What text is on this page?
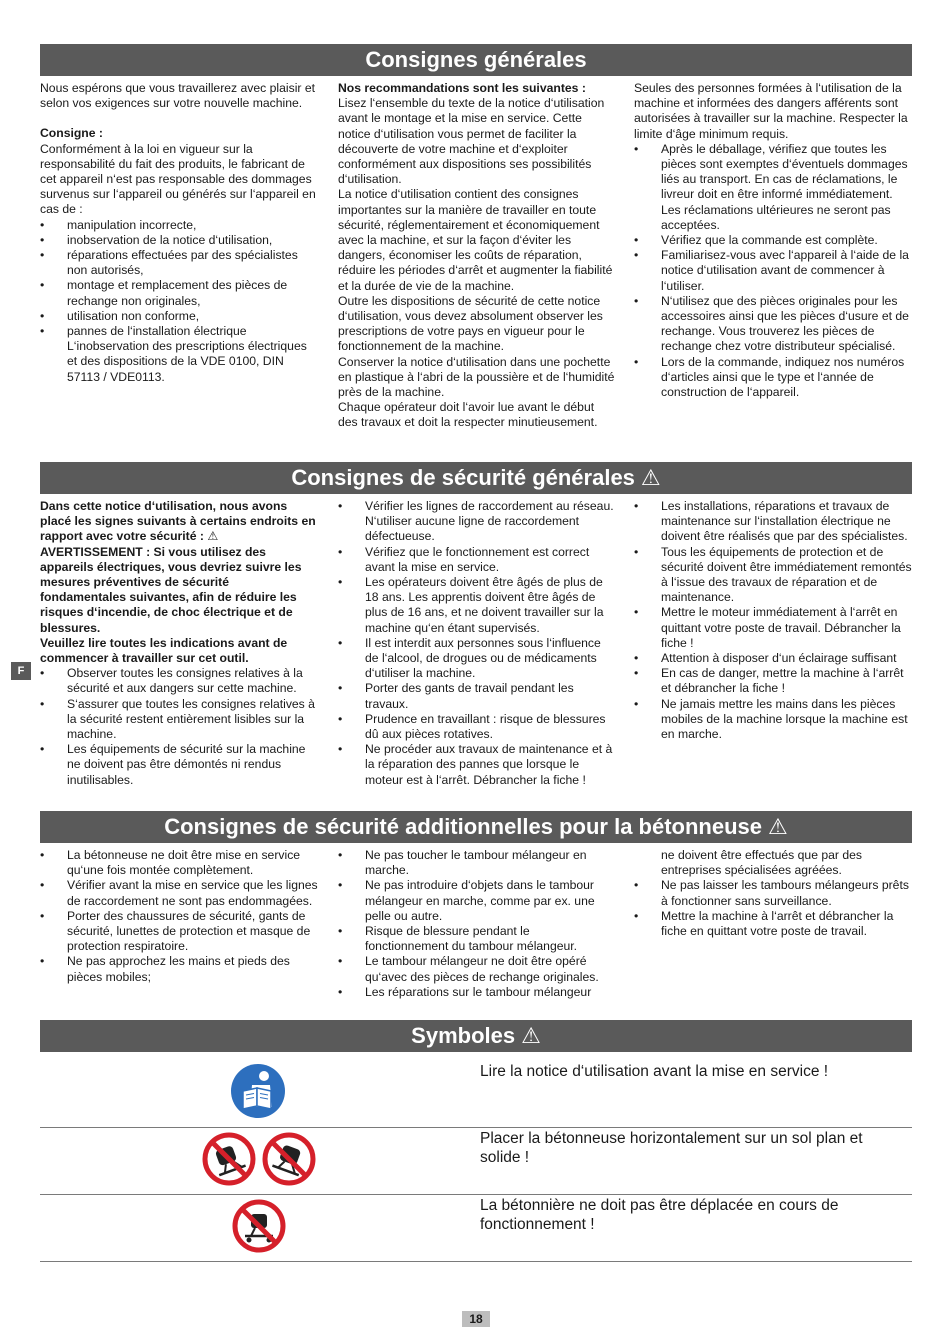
Consignes générales

Nous espérons que vous travaillerez avec plaisir et selon vos exigences sur votre nouvelle machine.

Consigne :

Conformément à la loi en vigueur sur la responsabilité du fait des produits, le fabricant de cet appareil n‘est pas responsable des dommages survenus sur l‘appareil ou générés sur l‘appareil en cas de :

• manipulation incorrecte,
• inobservation de la notice d‘utilisation,
• réparations effectuées par des spécialistes non autorisés,
• montage et remplacement des pièces de rechange non originales,
• utilisation non conforme,
• pannes de l‘installation électrique
L‘inobservation des prescriptions électriques et des dispositions de la VDE 0100, DIN 57113 / VDE0113.

Nos recommandations sont les suivantes :

Lisez l‘ensemble du texte de la notice d‘utilisation avant le montage et la mise en service. Cette notice d‘utilisation vous permet de faciliter la découverte de votre machine et d‘exploiter conformément aux dispositions ses possibilités d‘utilisation.

La notice d‘utilisation contient des consignes importantes sur la manière de travailler en toute sécurité, réglementairement et économiquement avec la machine, et sur la façon d‘éviter les dangers, économiser les coûts de réparation, réduire les périodes d‘arrêt et augmenter la fiabilité et la durée de vie de la machine.

Outre les dispositions de sécurité de cette notice d‘utilisation, vous devez absolument observer les prescriptions de votre pays en vigueur pour le fonctionnement de la machine.

Conserver la notice d‘utilisation dans une pochette en plastique à l‘abri de la poussière et de l‘humidité près de la machine.

Chaque opérateur doit l‘avoir lue avant le début des travaux et doit la respecter minutieusement.

Seules des personnes formées à l‘utilisation de la machine et informées des dangers afférents sont autorisées à travailler sur la machine. Respecter la limite d‘âge minimum requis.

• Après le déballage, vérifiez que toutes les pièces sont exemptes d‘éventuels dommages liés au transport. En cas de réclamations, le livreur doit en être informé immédiatement. Les réclamations ultérieures ne seront pas acceptées.
• Vérifiez que la commande est complète.
• Familiarisez-vous avec l‘appareil à l‘aide de la notice d‘utilisation avant de commencer à l‘utiliser.
• N‘utilisez que des pièces originales pour les accessoires ainsi que les pièces d‘usure et de rechange. Vous trouverez les pièces de rechange chez votre distributeur spécialisé.
• Lors de la commande, indiquez nos numéros d‘articles ainsi que le type et l‘année de construction de l‘appareil.
Consignes de sécurité générales ⚠
F

Dans cette notice d‘utilisation, nous avons placé les signes suivants à certains endroits en rapport avec votre sécurité : ⚠

AVERTISSEMENT : Si vous utilisez des appareils électriques, vous devriez suivre les mesures préventives de sécurité fondamentales suivantes, afin de réduire les risques d‘incendie, de choc électrique et de blessures.

Veuillez lire toutes les indications avant de commencer à travailler sur cet outil.

• Observer toutes les consignes relatives à la sécurité et aux dangers sur cette machine.
• S‘assurer que toutes les consignes relatives à la sécurité restent entièrement lisibles sur la machine.
• Les équipements de sécurité sur la machine ne doivent pas être démontés ni rendus inutilisables.
• Vérifier les lignes de raccordement au réseau. N‘utiliser aucune ligne de raccordement défectueuse.
• Vérifiez que le fonctionnement est correct avant la mise en service.
• Les opérateurs doivent être âgés de plus de 18 ans. Les apprentis doivent être âgés de plus de 16 ans, et ne doivent travailler sur la machine qu‘en étant supervisés.
• Il est interdit aux personnes sous l‘influence de l‘alcool, de drogues ou de médicaments d‘utiliser la machine.
• Porter des gants de travail pendant les travaux.
• Prudence en travaillant : risque de blessures dû aux pièces rotatives.
• Ne procéder aux travaux de maintenance et à la réparation des pannes que lorsque le moteur est à l‘arrêt. Débrancher la fiche !
• Les installations, réparations et travaux de maintenance sur l‘installation électrique ne doivent être réalisés que par des spécialistes.
• Tous les équipements de protection et de sécurité doivent être immédiatement remontés à l‘issue des travaux de réparation et de maintenance.
• Mettre le moteur immédiatement à l‘arrêt en quittant votre poste de travail. Débrancher la fiche !
• Attention à disposer d‘un éclairage suffisant
• En cas de danger, mettre la machine à l‘arrêt et débrancher la fiche !
• Ne jamais mettre les mains dans les pièces mobiles de la machine lorsque la machine est en marche.
Consignes de sécurité additionnelles pour la bétonneuse ⚠
• La bétonneuse ne doit être mise en service qu‘une fois montée complètement.
• Vérifier avant la mise en service que les lignes de raccordement ne sont pas endommagées.
• Porter des chaussures de sécurité, gants de sécurité, lunettes de protection et masque de protection respiratoire.
• Ne pas approchez les mains et pieds des pièces mobiles;
• Ne pas toucher le tambour mélangeur en marche.
• Ne pas introduire d‘objets dans le tambour mélangeur en marche, comme par ex. une pelle ou autre.
• Risque de blessure pendant le fonctionnement du tambour mélangeur.
• Le tambour mélangeur ne doit être opéré qu‘avec des pièces de rechange originales.
• Les réparations sur le tambour mélangeur
ne doivent être effectués que par des entreprises spécialisées agréées.
• Ne pas laisser les tambours mélangeurs prêts à fonctionner sans surveillance.
• Mettre la machine à l‘arrêt et débrancher la fiche en quittant votre poste de travail.
Symboles ⚠
Lire la notice d‘utilisation avant la mise en service !
Placer la bétonneuse horizontalement sur un sol plan et solide !
La bétonnière ne doit pas être déplacée en cours de fonctionnement !
18
